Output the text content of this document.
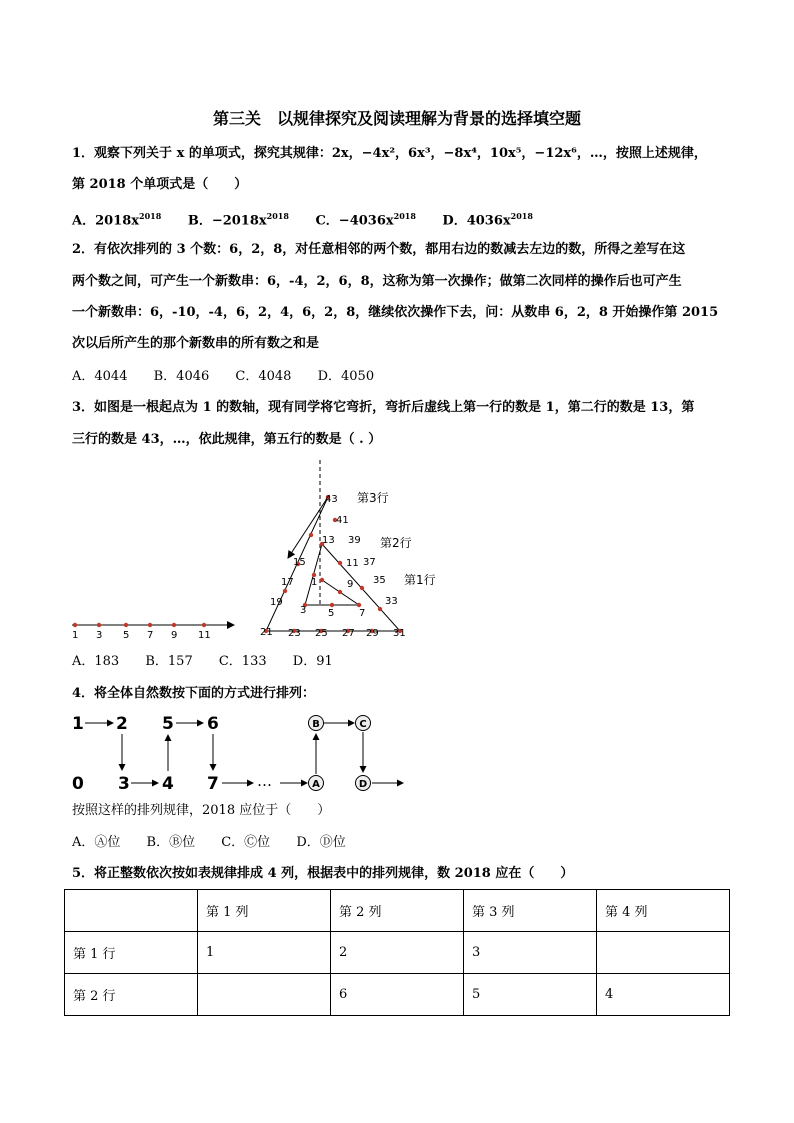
第三关　以规律探究及阅读理解为背景的选择填空题
1．观察下列关于 x 的单项式，探究其规律：2x，−4x²，6x³，−8x⁴，10x⁵，−12x⁶，…，按照上述规律，
第 2018 个单项式是（　　）
A．$2018x^{2018}$ B．$-2018x^{2018}$ C．$-4036x^{2018}$ D．$4036x^{2018}$
2．有依次排列的 3 个数：6，2，8，对任意相邻的两个数，都用右边的数减去左边的数，所得之差写在这
两个数之间，可产生一个新数串：6，-4，2，6，8，这称为第一次操作；做第二次同样的操作后也可产生
一个新数串：6，-10，-4，6，2，4，6，2，8，继续依次操作下去，问：从数串 6，2，8 开始操作第 2015
次以后所产生的那个新数串的所有数之和是
A．4044 B．4046 C．4048 D．4050
3．如图是一根起点为 1 的数轴，现有同学将它弯折，弯折后虚线上第一行的数是 1，第二行的数是 13，第
三行的数是 43，…，依此规律，第五行的数是（ . ）
1 3 5 7 9 11
1
3 5 7
9
11
13
15
17
19
21 23 25 27 29 31
33
35
37
39
41
43 第3行
第2行
第1行
A．183 B．157 C．133 D．91
4．将全体自然数按下面的方式进行排列：
1 2 5 6
0 3 4 7	…
B	C
A	D
按照这样的排列规律，2018 应位于（　　）
A．Ⓐ位 B．Ⓑ位 C．Ⓒ位 D．Ⓓ位
5．将正整数依次按如表规律排成 4 列，根据表中的排列规律，数 2018 应在（　　）
	第 1 列	第 2 列	第 3 列	第 4 列
第 1 行	1	2	3	
第 2 行		6	5	4
